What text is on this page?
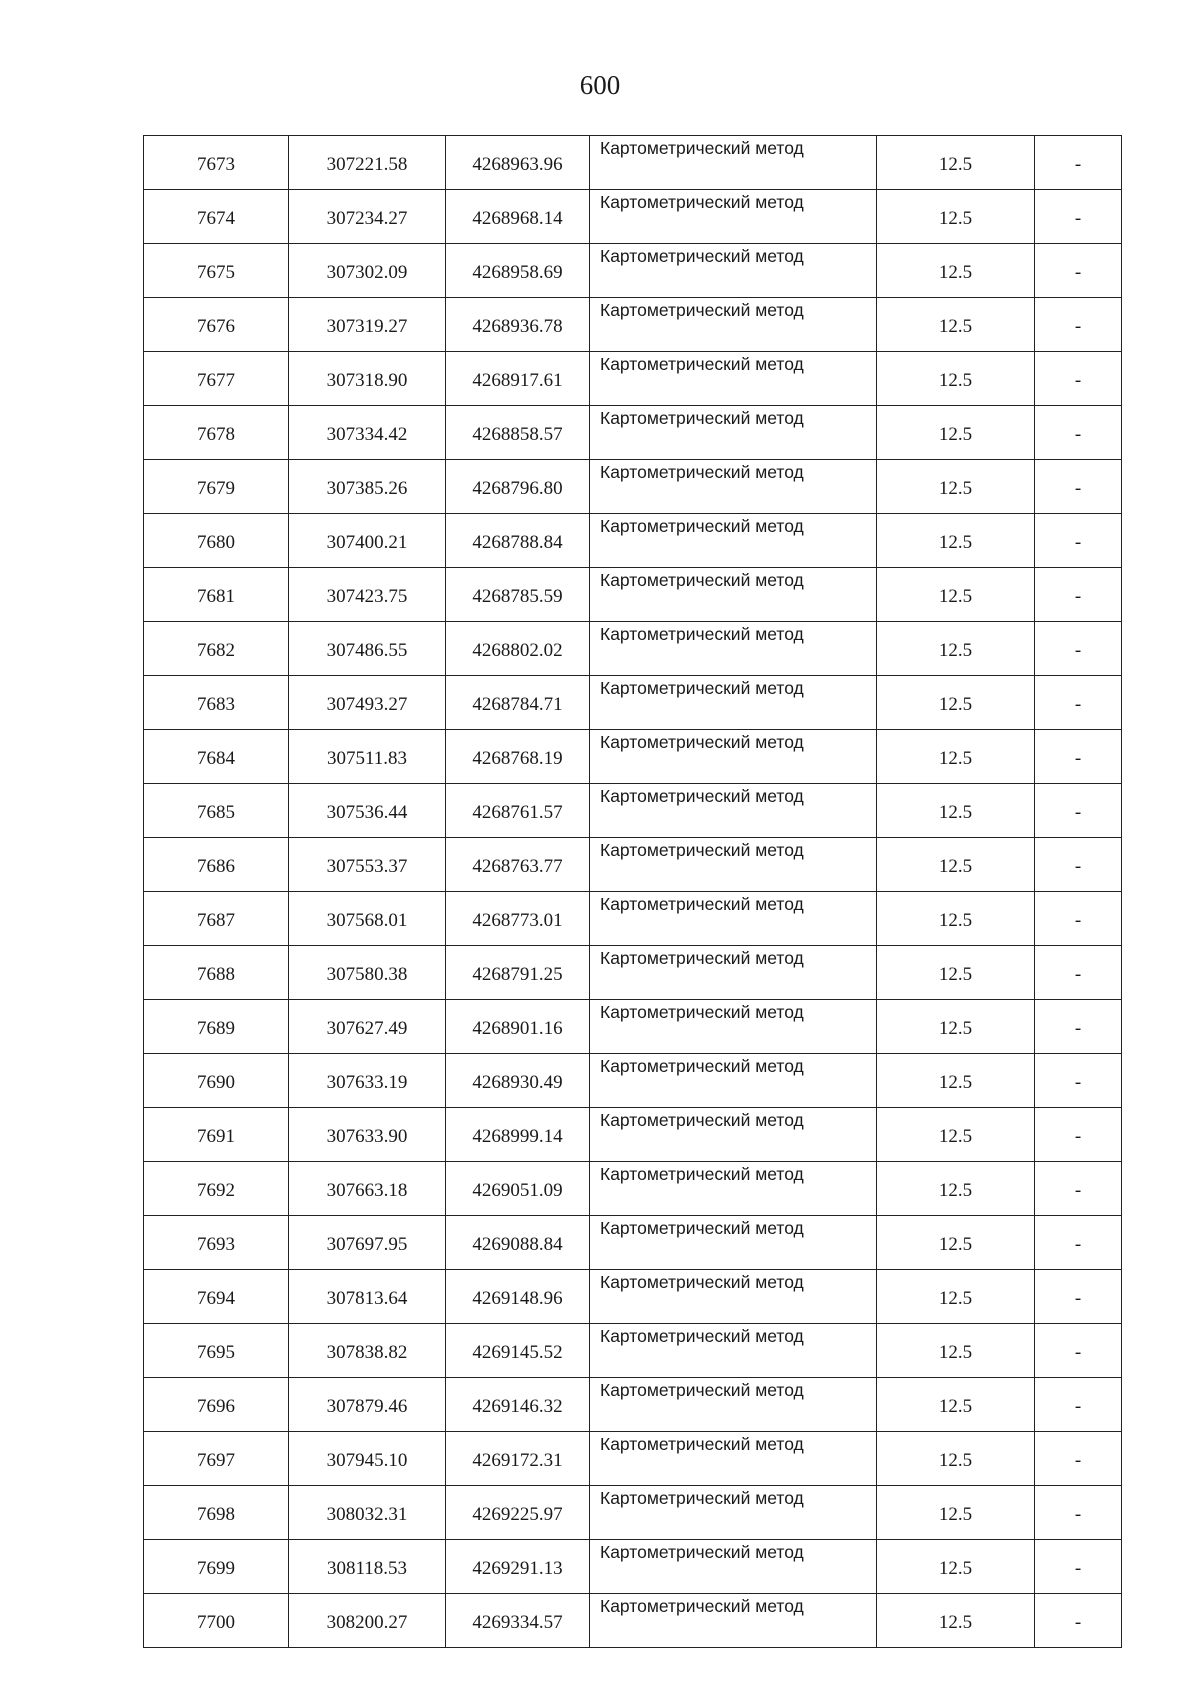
600
7673	307221.58	4268963.96	Картометрический метод	12.5	-
7674	307234.27	4268968.14	Картометрический метод	12.5	-
7675	307302.09	4268958.69	Картометрический метод	12.5	-
7676	307319.27	4268936.78	Картометрический метод	12.5	-
7677	307318.90	4268917.61	Картометрический метод	12.5	-
7678	307334.42	4268858.57	Картометрический метод	12.5	-
7679	307385.26	4268796.80	Картометрический метод	12.5	-
7680	307400.21	4268788.84	Картометрический метод	12.5	-
7681	307423.75	4268785.59	Картометрический метод	12.5	-
7682	307486.55	4268802.02	Картометрический метод	12.5	-
7683	307493.27	4268784.71	Картометрический метод	12.5	-
7684	307511.83	4268768.19	Картометрический метод	12.5	-
7685	307536.44	4268761.57	Картометрический метод	12.5	-
7686	307553.37	4268763.77	Картометрический метод	12.5	-
7687	307568.01	4268773.01	Картометрический метод	12.5	-
7688	307580.38	4268791.25	Картометрический метод	12.5	-
7689	307627.49	4268901.16	Картометрический метод	12.5	-
7690	307633.19	4268930.49	Картометрический метод	12.5	-
7691	307633.90	4268999.14	Картометрический метод	12.5	-
7692	307663.18	4269051.09	Картометрический метод	12.5	-
7693	307697.95	4269088.84	Картометрический метод	12.5	-
7694	307813.64	4269148.96	Картометрический метод	12.5	-
7695	307838.82	4269145.52	Картометрический метод	12.5	-
7696	307879.46	4269146.32	Картометрический метод	12.5	-
7697	307945.10	4269172.31	Картометрический метод	12.5	-
7698	308032.31	4269225.97	Картометрический метод	12.5	-
7699	308118.53	4269291.13	Картометрический метод	12.5	-
7700	308200.27	4269334.57	Картометрический метод	12.5	-
